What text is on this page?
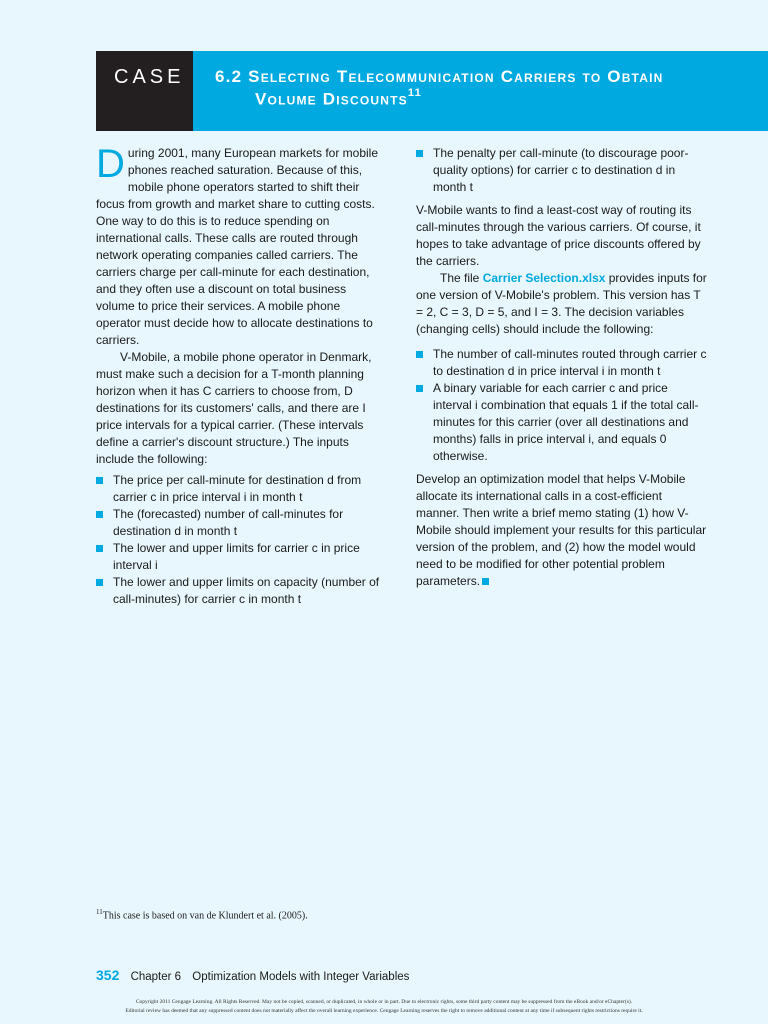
CASE 6.2 Selecting Telecommunication Carriers to Obtain
Volume Discounts$^{11}$

During 2001, many European markets for mobile phones reached saturation. Because of this, mobile phone operators started to shift their focus from growth and market share to cutting costs. One way to do this is to reduce spending on international calls. These calls are routed through network operating companies called carriers. The carriers charge per call-minute for each destination, and they often use a discount on total business volume to price their services. A mobile phone operator must decide how to allocate destinations to carriers.

V-Mobile, a mobile phone operator in Denmark, must make such a decision for a T-month planning horizon when it has C carriers to choose from, D destinations for its customers' calls, and there are I price intervals for a typical carrier. (These intervals define a carrier's discount structure.) The inputs include the following:

The price per call-minute for destination d from carrier c in price interval i in month t
The (forecasted) number of call-minutes for destination d in month t
The lower and upper limits for carrier c in price interval i
The lower and upper limits on capacity (number of call-minutes) for carrier c in month t
The penalty per call-minute (to discourage poor-quality options) for carrier c to destination d in month t

V-Mobile wants to find a least-cost way of routing its call-minutes through the various carriers. Of course, it hopes to take advantage of price discounts offered by the carriers.

The file Carrier Selection.xlsx provides inputs for one version of V-Mobile's problem. This version has T = 2, C = 3, D = 5, and I = 3. The decision variables (changing cells) should include the following:

The number of call-minutes routed through carrier c to destination d in price interval i in month t
A binary variable for each carrier c and price interval i combination that equals 1 if the total call-minutes for this carrier (over all destinations and months) falls in price interval i, and equals 0 otherwise.

Develop an optimization model that helps V-Mobile allocate its international calls in a cost-efficient manner. Then write a brief memo stating (1) how V-Mobile should implement your results for this particular version of the problem, and (2) how the model would need to be modified for other potential problem parameters.

$^{11}$This case is based on van de Klundert et al. (2005).
352 Chapter 6 Optimization Models with Integer Variables
Copyright 2011 Cengage Learning. All Rights Reserved. May not be copied, scanned, or duplicated, in whole or in part. Due to electronic rights, some third party content may be suppressed from the eBook and/or eChapter(s).
Editorial review has deemed that any suppressed content does not materially affect the overall learning experience. Cengage Learning reserves the right to remove additional content at any time if subsequent rights restrictions require it.
